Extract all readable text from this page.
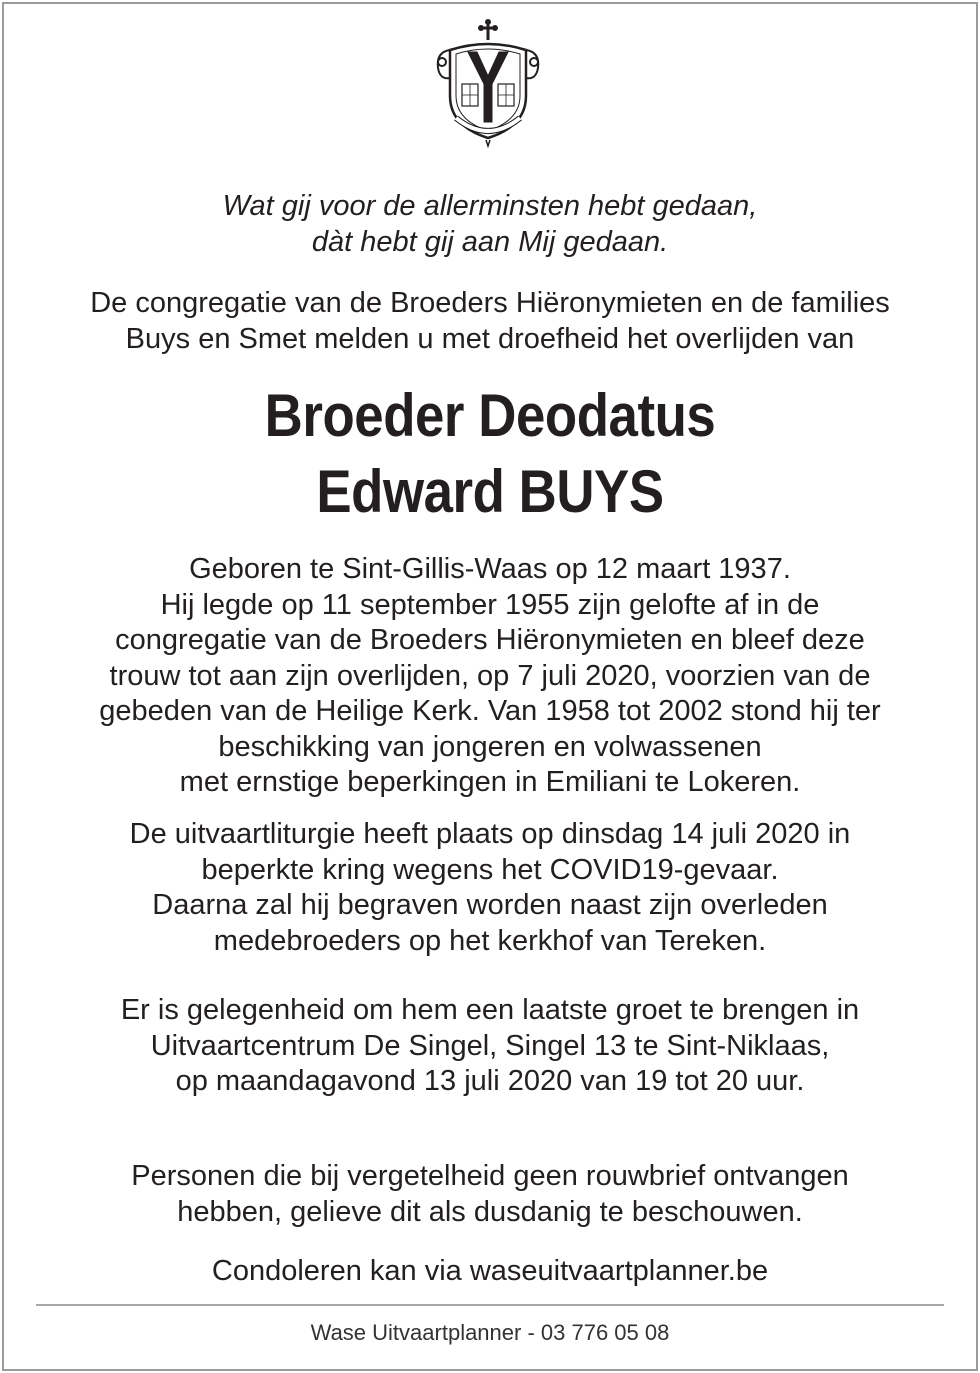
Wat gij voor de allerminsten hebt gedaan,
dàt hebt gij aan Mij gedaan.
De congregatie van de Broeders Hiëronymieten en de families
Buys en Smet melden u met droefheid het overlijden van
Broeder Deodatus
Edward BUYS
Geboren te Sint-Gillis-Waas op 12 maart 1937.
Hij legde op 11 september 1955 zijn gelofte af in de
congregatie van de Broeders Hiëronymieten en bleef deze
trouw tot aan zijn overlijden, op 7 juli 2020, voorzien van de
gebeden van de Heilige Kerk. Van 1958 tot 2002 stond hij ter
beschikking van jongeren en volwassenen
met ernstige beperkingen in Emiliani te Lokeren.
De uitvaartliturgie heeft plaats op dinsdag 14 juli 2020 in
beperkte kring wegens het COVID19-gevaar.
Daarna zal hij begraven worden naast zijn overleden
medebroeders op het kerkhof van Tereken.
Er is gelegenheid om hem een laatste groet te brengen in
Uitvaartcentrum De Singel, Singel 13 te Sint-Niklaas,
op maandagavond 13 juli 2020 van 19 tot 20 uur.
Personen die bij vergetelheid geen rouwbrief ontvangen
hebben, gelieve dit als dusdanig te beschouwen.
Condoleren kan via waseuitvaartplanner.be
Wase Uitvaartplanner - 03 776 05 08
